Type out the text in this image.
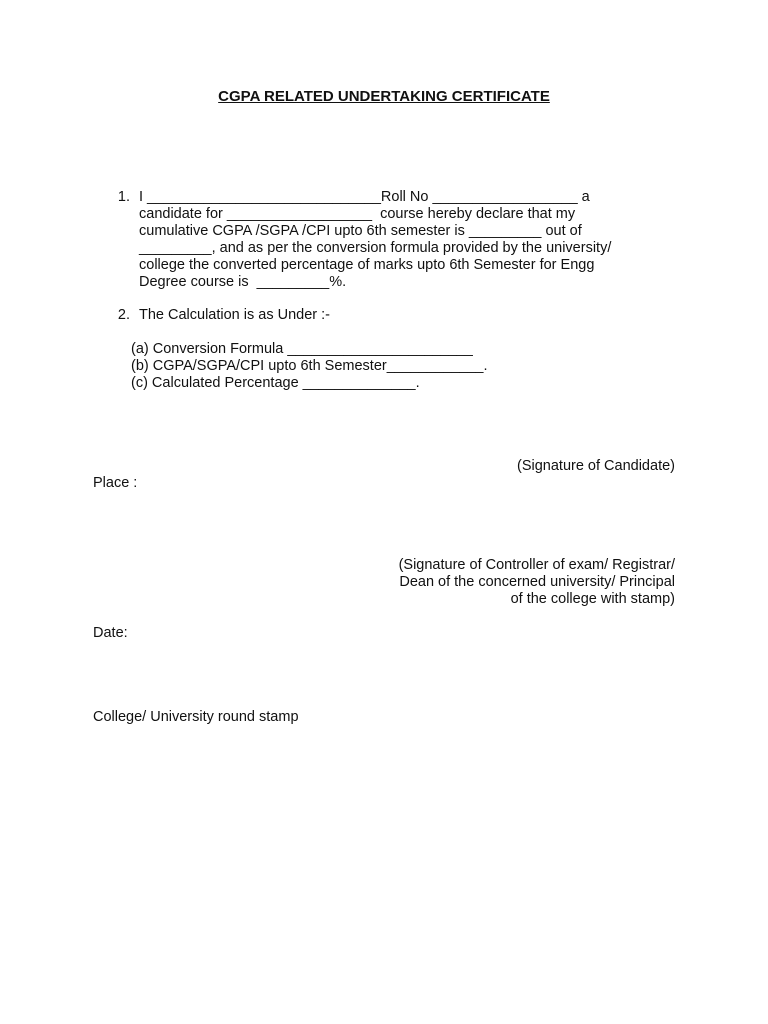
CGPA RELATED UNDERTAKING CERTIFICATE
1. I _____________________________Roll No __________________ a
candidate for __________________  course hereby declare that my
cumulative CGPA /SGPA /CPI upto 6th semester is _________ out of
_________, and as per the conversion formula provided by the university/
college the converted percentage of marks upto 6th Semester for Engg
Degree course is  _________%.
2. The Calculation is as Under :-
(a) Conversion Formula _______________________
(b) CGPA/SGPA/CPI upto 6th Semester____________.
(c) Calculated Percentage ______________.
(Signature of Candidate)
Place :
(Signature of Controller of exam/ Registrar/
Dean of the concerned university/ Principal
of the college with stamp)
Date:
College/ University round stamp
